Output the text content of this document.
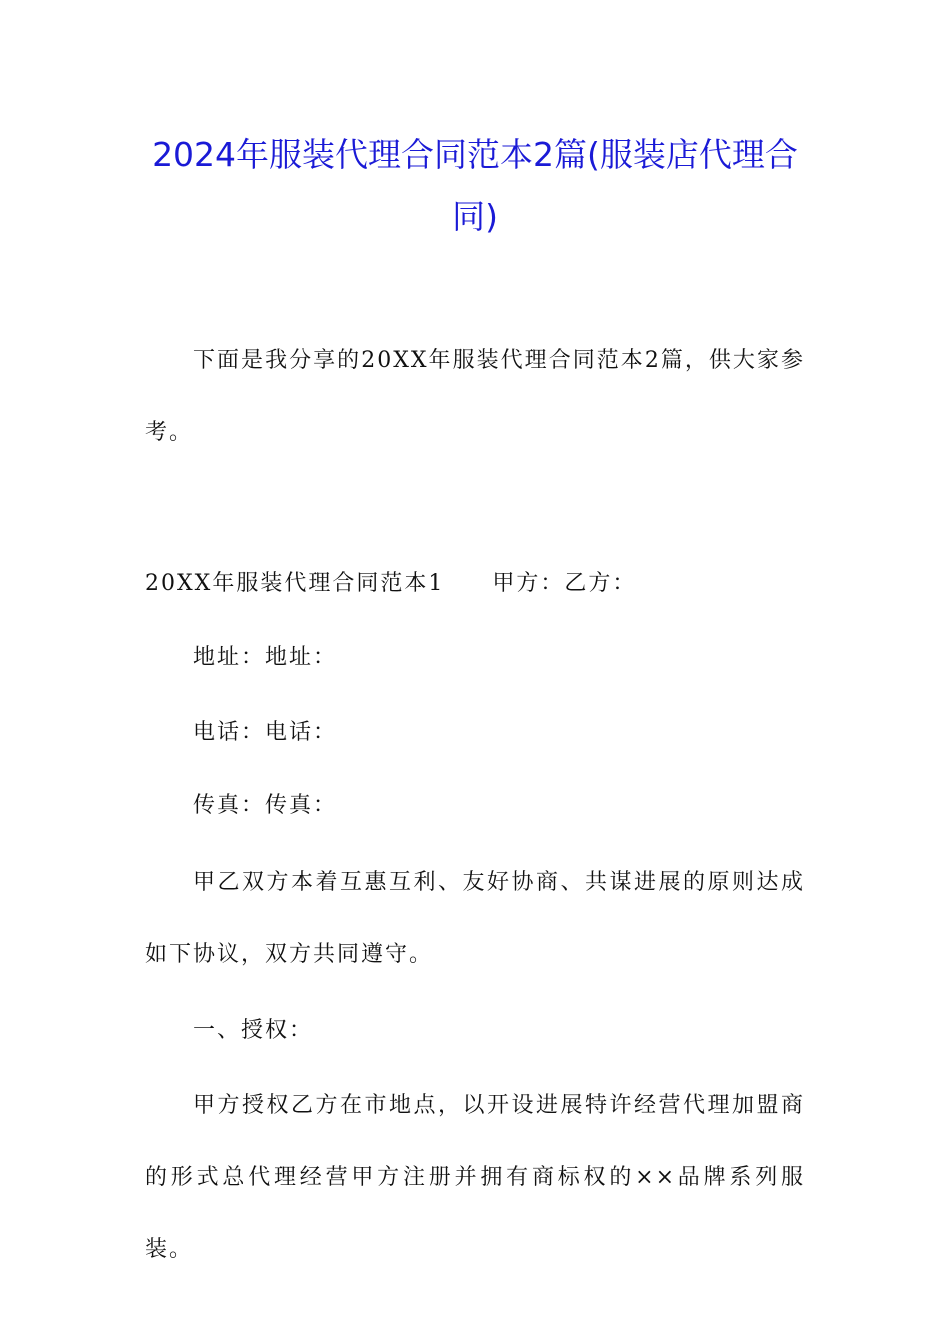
2024年服装代理合同范本2篇(服装店代理合同)

下面是我分享的20XX年服装代理合同范本2篇，供大家参考。

20XX年服装代理合同范本1 甲方：乙方：

地址：地址：

电话：电话：

传真：传真：

甲乙双方本着互惠互利、友好协商、共谋进展的原则达成如下协议，双方共同遵守。

一、授权：

甲方授权乙方在市地点，以开设进展特许经营代理加盟商的形式总代理经营甲方注册并拥有商标权的××品牌系列服装。
